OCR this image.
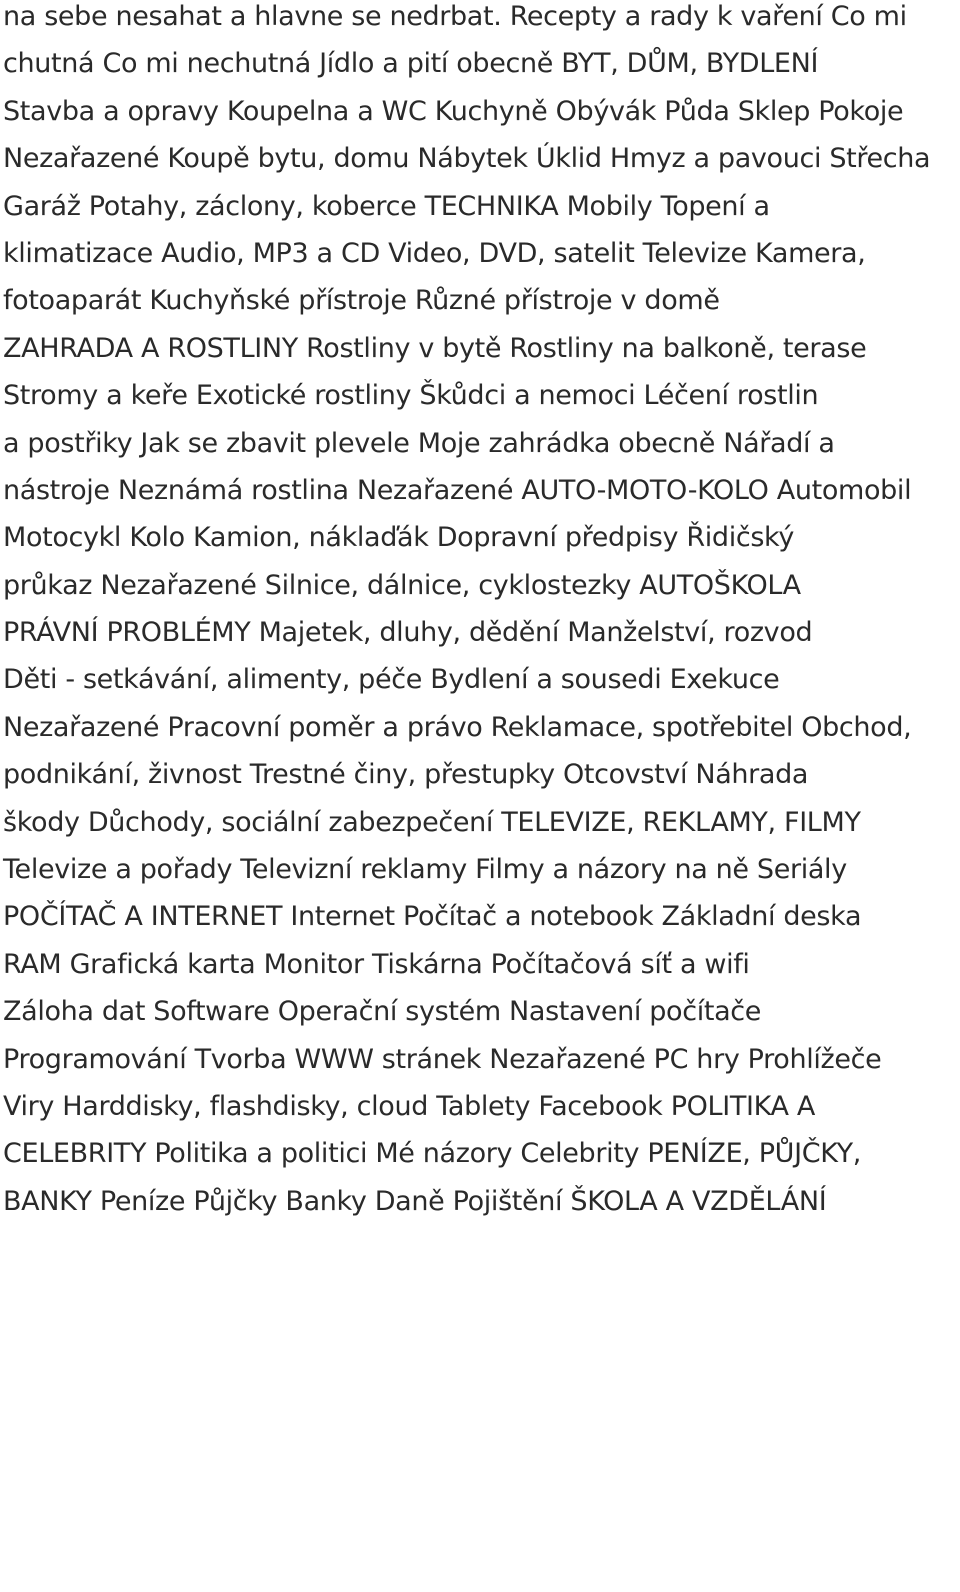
na sebe nesahat a hlavne se nedrbat. Recepty a rady k vaření Co mi
chutná Co mi nechutná Jídlo a pití obecně BYT, DŮM, BYDLENÍ
Stavba a opravy Koupelna a WC Kuchyně Obývák Půda Sklep Pokoje
Nezařazené Koupě bytu, domu Nábytek Úklid Hmyz a pavouci Střecha
Garáž Potahy, záclony, koberce TECHNIKA Mobily Topení a
klimatizace Audio, MP3 a CD Video, DVD, satelit Televize Kamera,
fotoaparát Kuchyňské přístroje Různé přístroje v domě
ZAHRADA A ROSTLINY Rostliny v bytě Rostliny na balkoně, terase
Stromy a keře Exotické rostliny Škůdci a nemoci Léčení rostlin
a postřiky Jak se zbavit plevele Moje zahrádka obecně Nářadí a
nástroje Neznámá rostlina Nezařazené AUTO-MOTO-KOLO Automobil
Motocykl Kolo Kamion, náklaďák Dopravní předpisy Řidičský
průkaz Nezařazené Silnice, dálnice, cyklostezky AUTOŠKOLA
PRÁVNÍ PROBLÉMY Majetek, dluhy, dědění Manželství, rozvod
Děti - setkávání, alimenty, péče Bydlení a sousedi Exekuce
Nezařazené Pracovní poměr a právo Reklamace, spotřebitel Obchod,
podnikání, živnost Trestné činy, přestupky Otcovství Náhrada
škody Důchody, sociální zabezpečení TELEVIZE, REKLAMY, FILMY
Televize a pořady Televizní reklamy Filmy a názory na ně Seriály
POČÍTAČ A INTERNET Internet Počítač a notebook Základní deska
RAM Grafická karta Monitor Tiskárna Počítačová síť a wifi
Záloha dat Software Operační systém Nastavení počítače
Programování Tvorba WWW stránek Nezařazené PC hry Prohlížeče
Viry Harddisky, flashdisky, cloud Tablety Facebook POLITIKA A
CELEBRITY Politika a politici Mé názory Celebrity PENÍZE, PŮJČKY,
BANKY Peníze Půjčky Banky Daně Pojištění ŠKOLA A VZDĚLÁNÍ
